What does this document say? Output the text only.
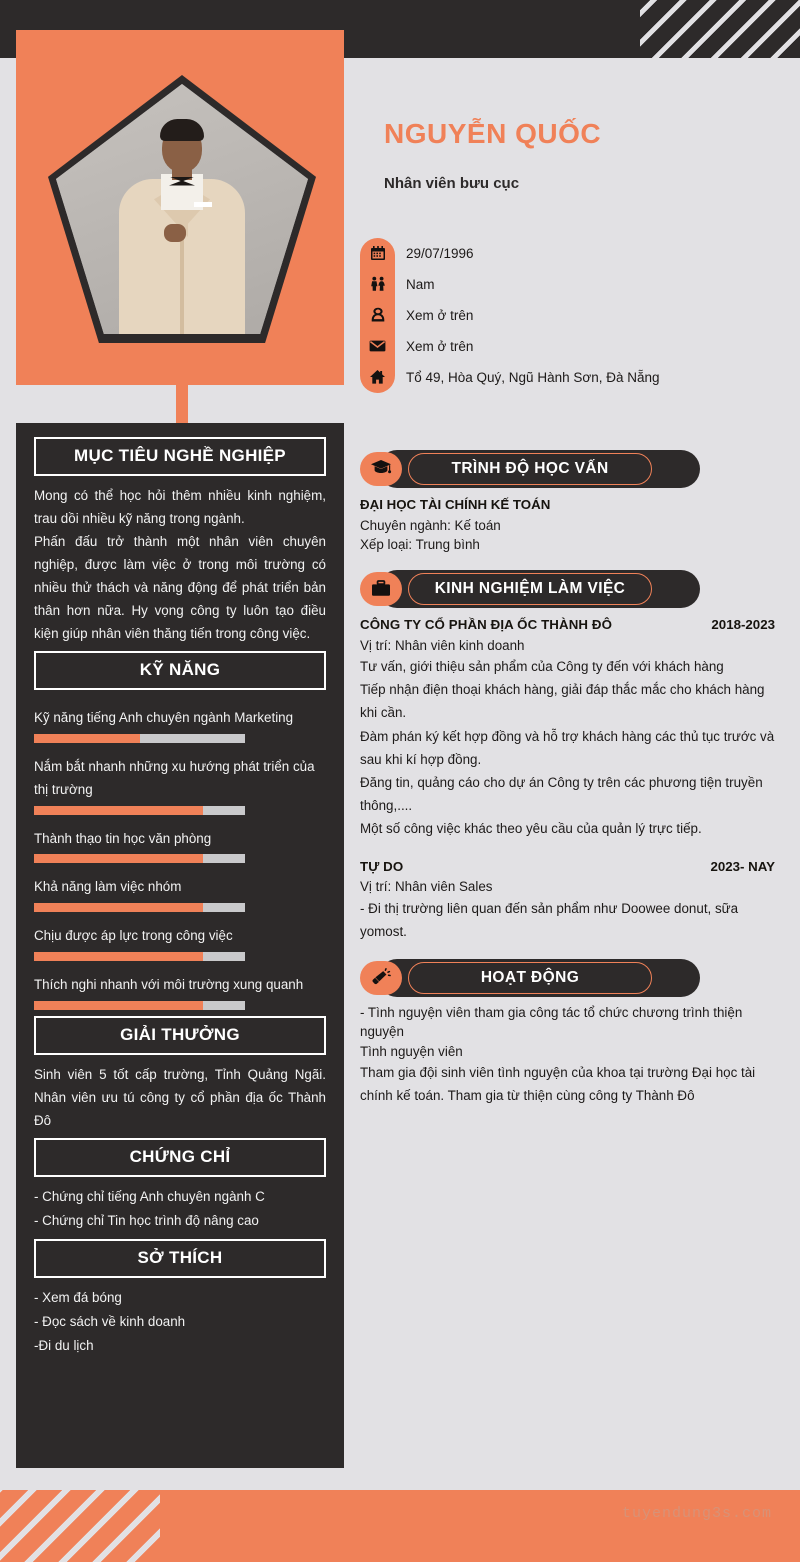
MỤC TIÊU NGHỀ NGHIỆP
Mong có thể học hỏi thêm nhiều kinh nghiệm, trau dồi nhiều kỹ năng trong ngành.
Phấn đấu trở thành một nhân viên chuyên nghiệp, được làm việc ở trong môi trường có nhiều thử thách và năng động để phát triển bản thân hơn nữa. Hy vọng công ty luôn tạo điều kiện giúp nhân viên thăng tiến trong công việc.
KỸ NĂNG
Kỹ năng tiếng Anh chuyên ngành Marketing
Nắm bắt nhanh những xu hướng phát triển của thị trường
Thành thạo tin học văn phòng
Khả năng làm việc nhóm
Chịu được áp lực trong công việc
Thích nghi nhanh với môi trường xung quanh
GIẢI THƯỞNG
Sinh viên 5 tốt cấp trường, Tỉnh Quảng Ngãi. Nhân viên ưu tú công ty cổ phần địa ốc Thành Đô
CHỨNG CHỈ
- Chứng chỉ tiếng Anh chuyên ngành C
- Chứng chỉ Tin học trình độ nâng cao
SỞ THÍCH
- Xem đá bóng
- Đọc sách về kinh doanh
-Đi du lịch
NGUYỄN QUỐC
Nhân viên bưu cục
29/07/1996
Nam
Xem ở trên
Xem ở trên
Tổ 49, Hòa Quý, Ngũ Hành Sơn, Đà Nẵng
TRÌNH ĐỘ HỌC VẤN
ĐẠI HỌC TÀI CHÍNH KẾ TOÁN
Chuyên ngành: Kế toán
Xếp loại: Trung bình
KINH NGHIỆM LÀM VIỆC
CÔNG TY CỔ PHẦN ĐỊA ỐC THÀNH ĐÔ	2018-2023
Vị trí: Nhân viên kinh doanh
Tư vấn, giới thiệu sản phẩm của Công ty đến với khách hàng
Tiếp nhận điện thoại khách hàng, giải đáp thắc mắc cho khách hàng khi cần.
Đàm phán ký kết hợp đồng và hỗ trợ khách hàng các thủ tục trước và sau khi kí hợp đồng.
Đăng tin, quảng cáo cho dự án Công ty trên các phương tiện truyền thông,....
Một số công việc khác theo yêu cầu của quản lý trực tiếp.
TỰ DO	2023- NAY
Vị trí: Nhân viên Sales
- Đi thị trường liên quan đến sản phẩm như Doowee donut, sữa yomost.
HOẠT ĐỘNG
- Tình nguyện viên tham gia công tác tổ chức chương trình thiện nguyện
Tình nguyện viên
Tham gia đội sinh viên tình nguyện của khoa tại trường Đại học tài chính kế toán. Tham gia từ thiện cùng công ty Thành Đô
tuyendung3s.com
